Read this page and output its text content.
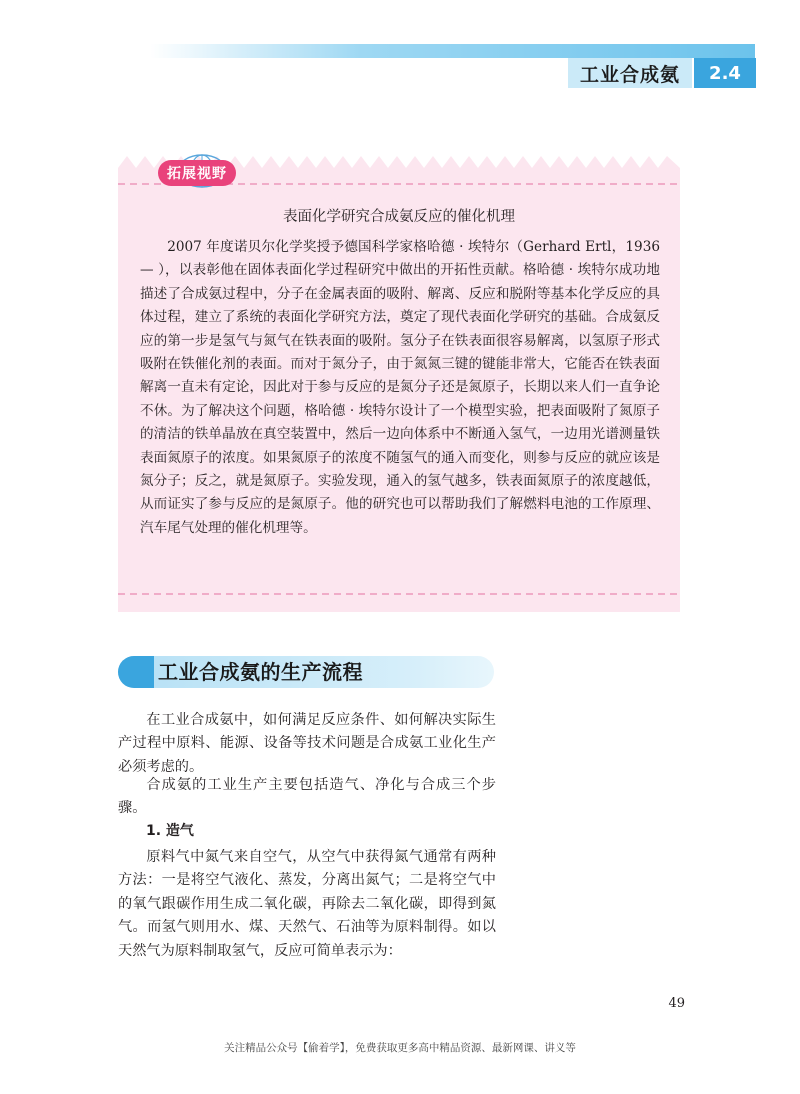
工业合成氨	2.4
拓展视野
表面化学研究合成氨反应的催化机理

2007 年度诺贝尔化学奖授予德国科学家格哈德 · 埃特尔（Gerhard Ertl，1936— ），以表彰他在固体表面化学过程研究中做出的开拓性贡献。格哈德 · 埃特尔成功地描述了合成氨过程中，分子在金属表面的吸附、解离、反应和脱附等基本化学反应的具体过程，建立了系统的表面化学研究方法，奠定了现代表面化学研究的基础。合成氨反应的第一步是氢气与氮气在铁表面的吸附。氢分子在铁表面很容易解离，以氢原子形式吸附在铁催化剂的表面。而对于氮分子，由于氮氮三键的键能非常大，它能否在铁表面解离一直未有定论，因此对于参与反应的是氮分子还是氮原子，长期以来人们一直争论不休。为了解决这个问题，格哈德 · 埃特尔设计了一个模型实验，把表面吸附了氮原子的清洁的铁单晶放在真空装置中，然后一边向体系中不断通入氢气，一边用光谱测量铁表面氮原子的浓度。如果氮原子的浓度不随氢气的通入而变化，则参与反应的就应该是氮分子；反之，就是氮原子。实验发现，通入的氢气越多，铁表面氮原子的浓度越低，从而证实了参与反应的是氮原子。他的研究也可以帮助我们了解燃料电池的工作原理、汽车尾气处理的催化机理等。

工业合成氨的生产流程

在工业合成氨中，如何满足反应条件、如何解决实际生产过程中原料、能源、设备等技术问题是合成氨工业化生产必须考虑的。

合成氨的工业生产主要包括造气、净化与合成三个步骤。

1. 造气

原料气中氮气来自空气，从空气中获得氮气通常有两种方法：一是将空气液化、蒸发，分离出氮气；二是将空气中的氧气跟碳作用生成二氧化碳，再除去二氧化碳，即得到氮气。而氢气则用水、煤、天然气、石油等为原料制得。如以天然气为原料制取氢气，反应可简单表示为：

49
关注精品公众号【偷着学】，免费获取更多高中精品资源、最新网课、讲义等
